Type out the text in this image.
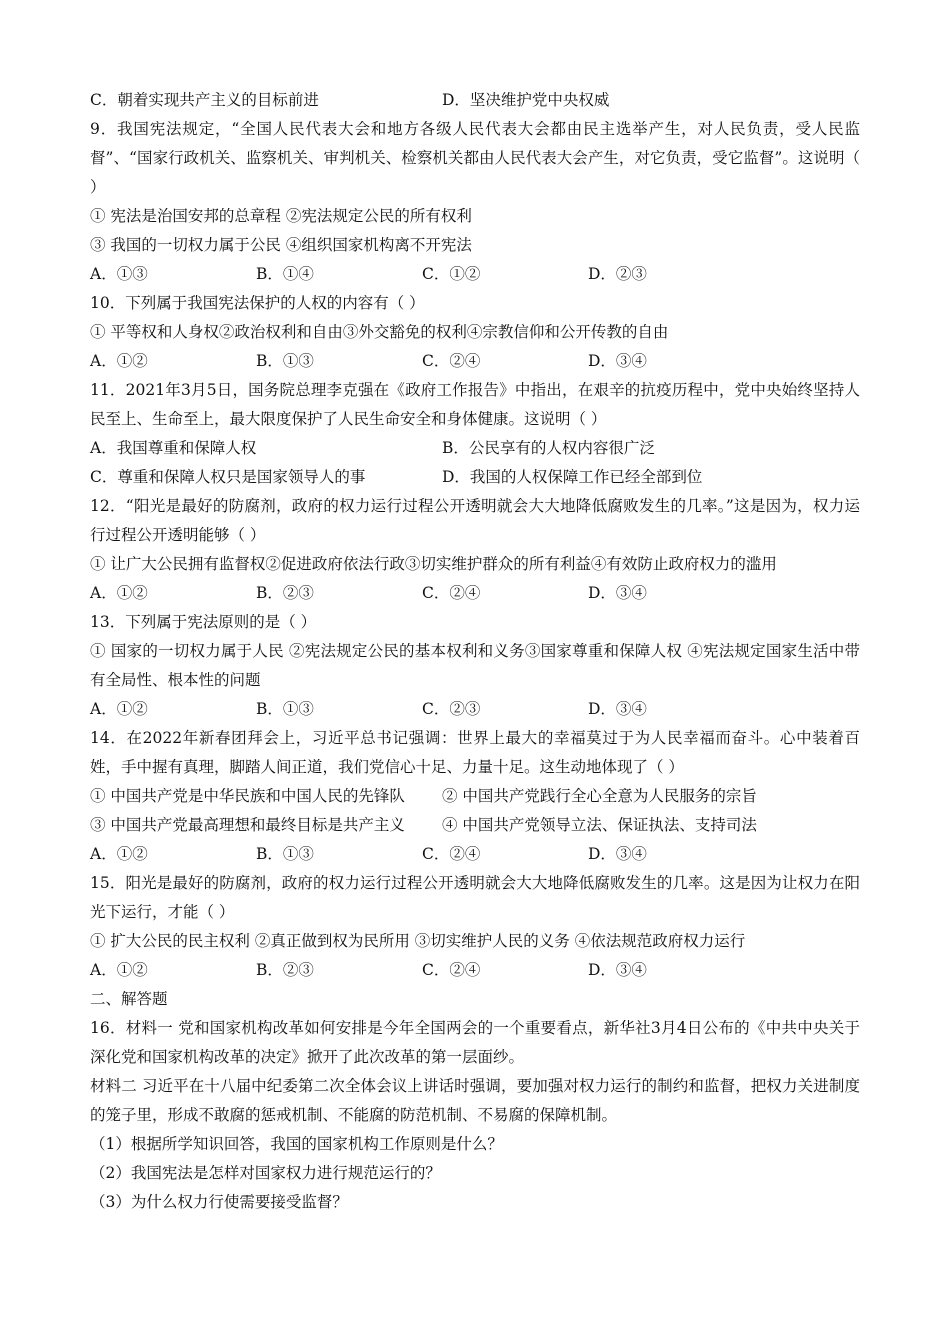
C．朝着实现共产主义的目标前进	D．坚决维护党中央权威
9．我国宪法规定，“全国人民代表大会和地方各级人民代表大会都由民主选举产生，对人民负责，受人民监督”、“国家行政机关、监察机关、审判机关、检察机关都由人民代表大会产生，对它负责，受它监督”。这说明（ ）
① 宪法是治国安邦的总章程 ②宪法规定公民的所有权利
③ 我国的一切权力属于公民 ④组织国家机构离不开宪法
A．①③	B．①④	C．①②	D．②③
10．下列属于我国宪法保护的人权的内容有（ ）
① 平等权和人身权②政治权利和自由③外交豁免的权利④宗教信仰和公开传教的自由
A．①②	B．①③	C．②④	D．③④
11．2021年3月5日，国务院总理李克强在《政府工作报告》中指出，在艰辛的抗疫历程中，党中央始终坚持人民至上、生命至上，最大限度保护了人民生命安全和身体健康。这说明（ ）
A．我国尊重和保障人权	B．公民享有的人权内容很广泛
C．尊重和保障人权只是国家领导人的事	D．我国的人权保障工作已经全部到位
12．“阳光是最好的防腐剂，政府的权力运行过程公开透明就会大大地降低腐败发生的几率。”这是因为，权力运行过程公开透明能够（ ）
① 让广大公民拥有监督权②促进政府依法行政③切实维护群众的所有利益④有效防止政府权力的滥用
A．①②	B．②③	C．②④	D．③④
13．下列属于宪法原则的是（ ）
① 国家的一切权力属于人民 ②宪法规定公民的基本权利和义务③国家尊重和保障人权 ④宪法规定国家生活中带有全局性、根本性的问题
A．①②	B．①③	C．②③	D．③④
14．在2022年新春团拜会上，习近平总书记强调：世界上最大的幸福莫过于为人民幸福而奋斗。心中装着百姓，手中握有真理，脚踏人间正道，我们党信心十足、力量十足。这生动地体现了（ ）
① 中国共产党是中华民族和中国人民的先锋队	② 中国共产党践行全心全意为人民服务的宗旨
③ 中国共产党最高理想和最终目标是共产主义	④ 中国共产党领导立法、保证执法、支持司法
A．①②	B．①③	C．②④	D．③④
15．阳光是最好的防腐剂，政府的权力运行过程公开透明就会大大地降低腐败发生的几率。这是因为让权力在阳光下运行，才能（ ）
① 扩大公民的民主权利 ②真正做到权为民所用 ③切实维护人民的义务 ④依法规范政府权力运行
A．①②	B．②③	C．②④	D．③④
二、解答题
16．材料一 党和国家机构改革如何安排是今年全国两会的一个重要看点，新华社3月4日公布的《中共中央关于深化党和国家机构改革的决定》掀开了此次改革的第一层面纱。
材料二 习近平在十八届中纪委第二次全体会议上讲话时强调，要加强对权力运行的制约和监督，把权力关进制度的笼子里，形成不敢腐的惩戒机制、不能腐的防范机制、不易腐的保障机制。
（1）根据所学知识回答，我国的国家机构工作原则是什么？
（2）我国宪法是怎样对国家权力进行规范运行的？
（3）为什么权力行使需要接受监督？
